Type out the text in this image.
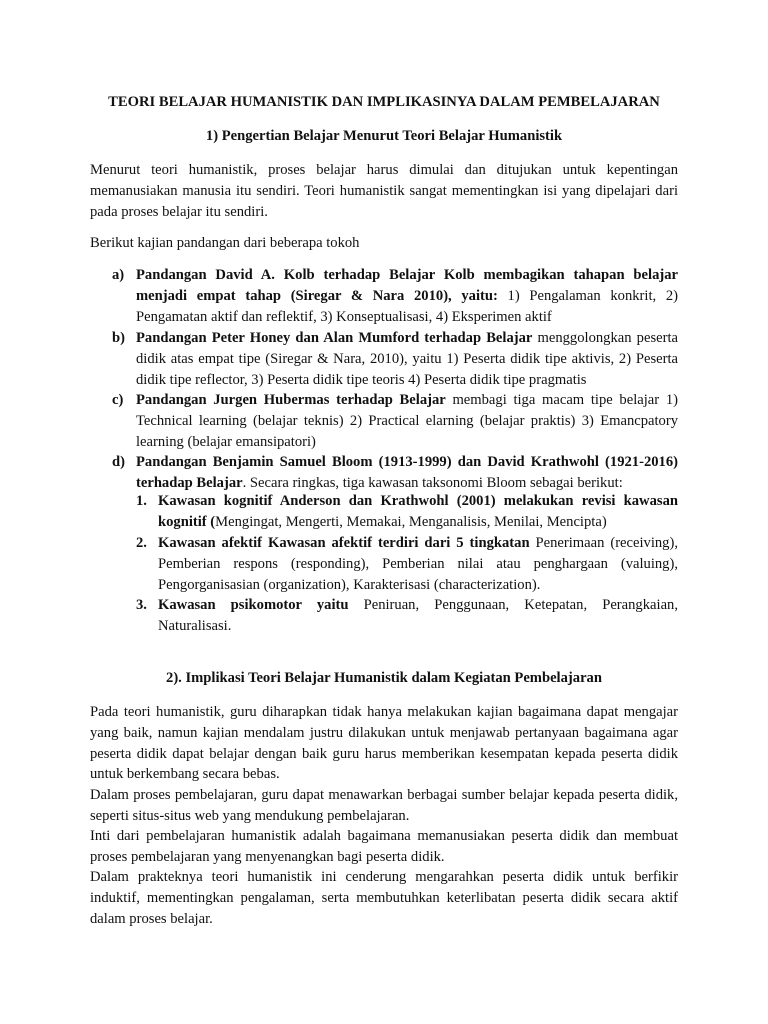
TEORI BELAJAR HUMANISTIK DAN IMPLIKASINYA DALAM PEMBELAJARAN
1) Pengertian Belajar Menurut Teori Belajar Humanistik
Menurut teori humanistik, proses belajar harus dimulai dan ditujukan untuk kepentingan memanusiakan manusia itu sendiri. Teori humanistik sangat mementingkan isi yang dipelajari dari pada proses belajar itu sendiri.
Berikut kajian pandangan dari beberapa tokoh
a) Pandangan David A. Kolb terhadap Belajar Kolb membagikan tahapan belajar menjadi empat tahap (Siregar & Nara 2010), yaitu: 1) Pengalaman konkrit, 2) Pengamatan aktif dan reflektif, 3) Konseptualisasi, 4) Eksperimen aktif
b) Pandangan Peter Honey dan Alan Mumford terhadap Belajar menggolongkan peserta didik atas empat tipe (Siregar & Nara, 2010), yaitu 1) Peserta didik tipe aktivis, 2) Peserta didik tipe reflector, 3) Peserta didik tipe teoris 4) Peserta didik tipe pragmatis
c) Pandangan Jurgen Hubermas terhadap Belajar membagi tiga macam tipe belajar 1) Technical learning (belajar teknis) 2) Practical elarning (belajar praktis) 3) Emancpatory learning (belajar emansipatori)
d) Pandangan Benjamin Samuel Bloom (1913-1999) dan David Krathwohl (1921-2016) terhadap Belajar. Secara ringkas, tiga kawasan taksonomi Bloom sebagai berikut:
1. Kawasan kognitif Anderson dan Krathwohl (2001) melakukan revisi kawasan kognitif (Mengingat, Mengerti, Memakai, Menganalisis, Menilai, Mencipta)
2. Kawasan afektif Kawasan afektif terdiri dari 5 tingkatan Penerimaan (receiving), Pemberian respons (responding), Pemberian nilai atau penghargaan (valuing), Pengorganisasian (organization), Karakterisasi (characterization).
3. Kawasan psikomotor yaitu Peniruan, Penggunaan, Ketepatan, Perangkaian, Naturalisasi.
2). Implikasi Teori Belajar Humanistik dalam Kegiatan Pembelajaran
Pada teori humanistik, guru diharapkan tidak hanya melakukan kajian bagaimana dapat mengajar yang baik, namun kajian mendalam justru dilakukan untuk menjawab pertanyaan bagaimana agar peserta didik dapat belajar dengan baik guru harus memberikan kesempatan kepada peserta didik untuk berkembang secara bebas.
Dalam proses pembelajaran, guru dapat menawarkan berbagai sumber belajar kepada peserta didik, seperti situs-situs web yang mendukung pembelajaran.
Inti dari pembelajaran humanistik adalah bagaimana memanusiakan peserta didik dan membuat proses pembelajaran yang menyenangkan bagi peserta didik.
Dalam prakteknya teori humanistik ini cenderung mengarahkan peserta didik untuk berfikir induktif, mementingkan pengalaman, serta membutuhkan keterlibatan peserta didik secara aktif dalam proses belajar.
